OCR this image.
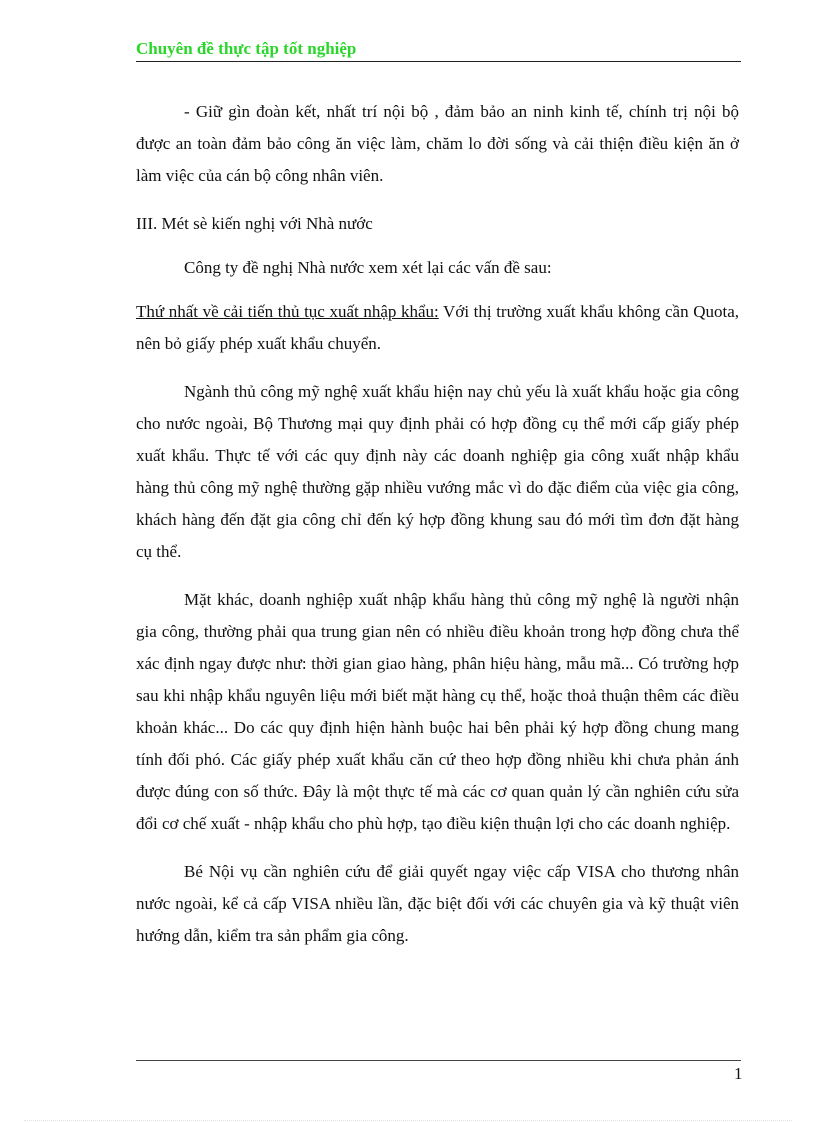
Chuyên đề thực tập tốt nghiệp

- Giữ gìn đoàn kết, nhất trí nội bộ , đảm bảo an ninh kinh tế, chính trị nội bộ được an toàn đảm bảo công ăn việc làm, chăm lo đời sống và cải thiện điều kiện ăn ở làm việc của cán bộ công nhân viên.

III. Mét sè kiến nghị với Nhà nước

Công ty đề nghị Nhà nước xem xét lại các vấn đề sau:

Thứ nhất về cải tiến thủ tục xuất nhập khẩu: Với thị trường xuất khẩu không cần Quota, nên bỏ giấy phép xuất khẩu chuyển.

Ngành thủ công mỹ nghệ xuất khẩu hiện nay chủ yếu là xuất khẩu hoặc gia công cho nước ngoài, Bộ Thương mại quy định phải có hợp đồng cụ thể mới cấp giấy phép xuất khẩu. Thực tế với các quy định này các doanh nghiệp gia công xuất nhập khẩu hàng thủ công mỹ nghệ thường gặp nhiều vướng mắc vì do đặc điểm của việc gia công, khách hàng đến đặt gia công chỉ đến ký hợp đồng khung sau đó mới tìm đơn đặt hàng cụ thể.

Mặt khác, doanh nghiệp xuất nhập khẩu hàng thủ công mỹ nghệ là người nhận gia công, thường phải qua trung gian nên có nhiều điều khoản trong hợp đồng chưa thể xác định ngay được như: thời gian giao hàng, phân hiệu hàng, mẫu mã... Có trường hợp sau khi nhập khẩu nguyên liệu mới biết mặt hàng cụ thể, hoặc thoả thuận thêm các điều khoản khác... Do các quy định hiện hành buộc hai bên phải ký hợp đồng chung mang tính đối phó. Các giấy phép xuất khẩu căn cứ theo hợp đồng nhiều khi chưa phản ánh được đúng con số thức. Đây là một thực tế mà các cơ quan quản lý cần nghiên cứu sửa đổi cơ chế xuất - nhập khẩu cho phù hợp, tạo điều kiện thuận lợi cho các doanh nghiệp.

Bé Nội vụ cần nghiên cứu để giải quyết ngay việc cấp VISA cho thương nhân nước ngoài, kể cả cấp VISA nhiều lần, đặc biệt đối với các chuyên gia và kỹ thuật viên hướng dẫn, kiểm tra sản phẩm gia công.

1
